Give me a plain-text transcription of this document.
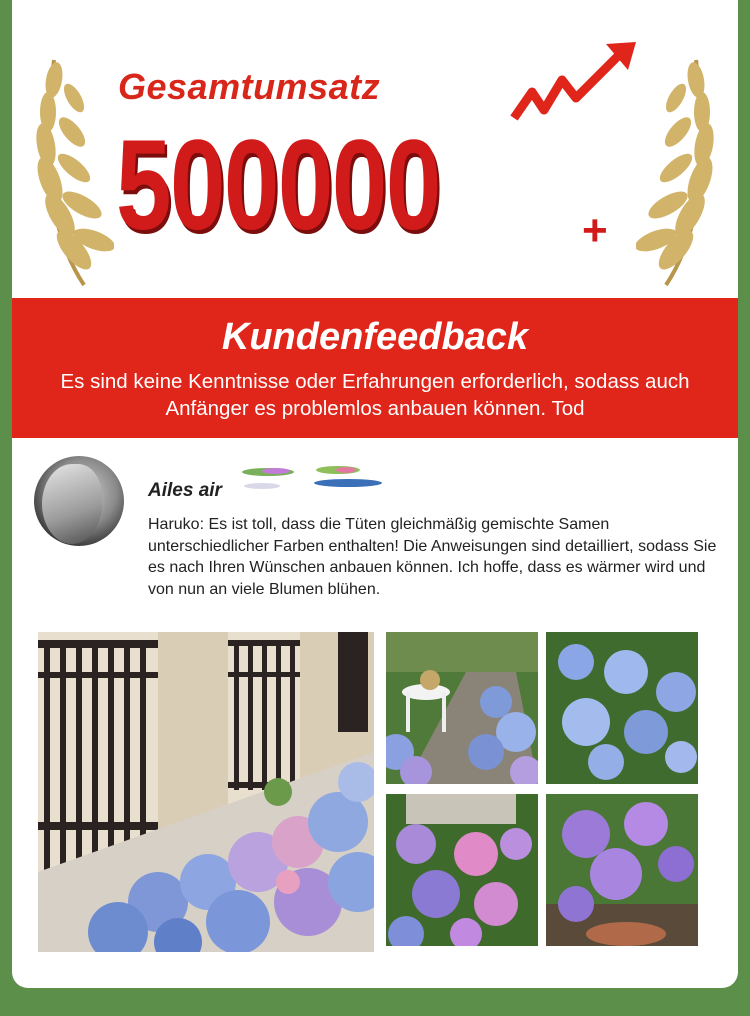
Gesamtumsatz
500000	+
Kundenfeedback
Es sind keine Kenntnisse oder Erfahrungen erforderlich, sodass auch Anfänger es problemlos anbauen können. Tod
Ailes air
Haruko: Es ist toll, dass die Tüten gleichmäßig gemischte Samen unterschiedlicher Farben enthalten! Die Anweisungen sind detailliert, sodass Sie es nach Ihren Wünschen anbauen können. Ich hoffe, dass es wärmer wird und von nun an viele Blumen blühen.
